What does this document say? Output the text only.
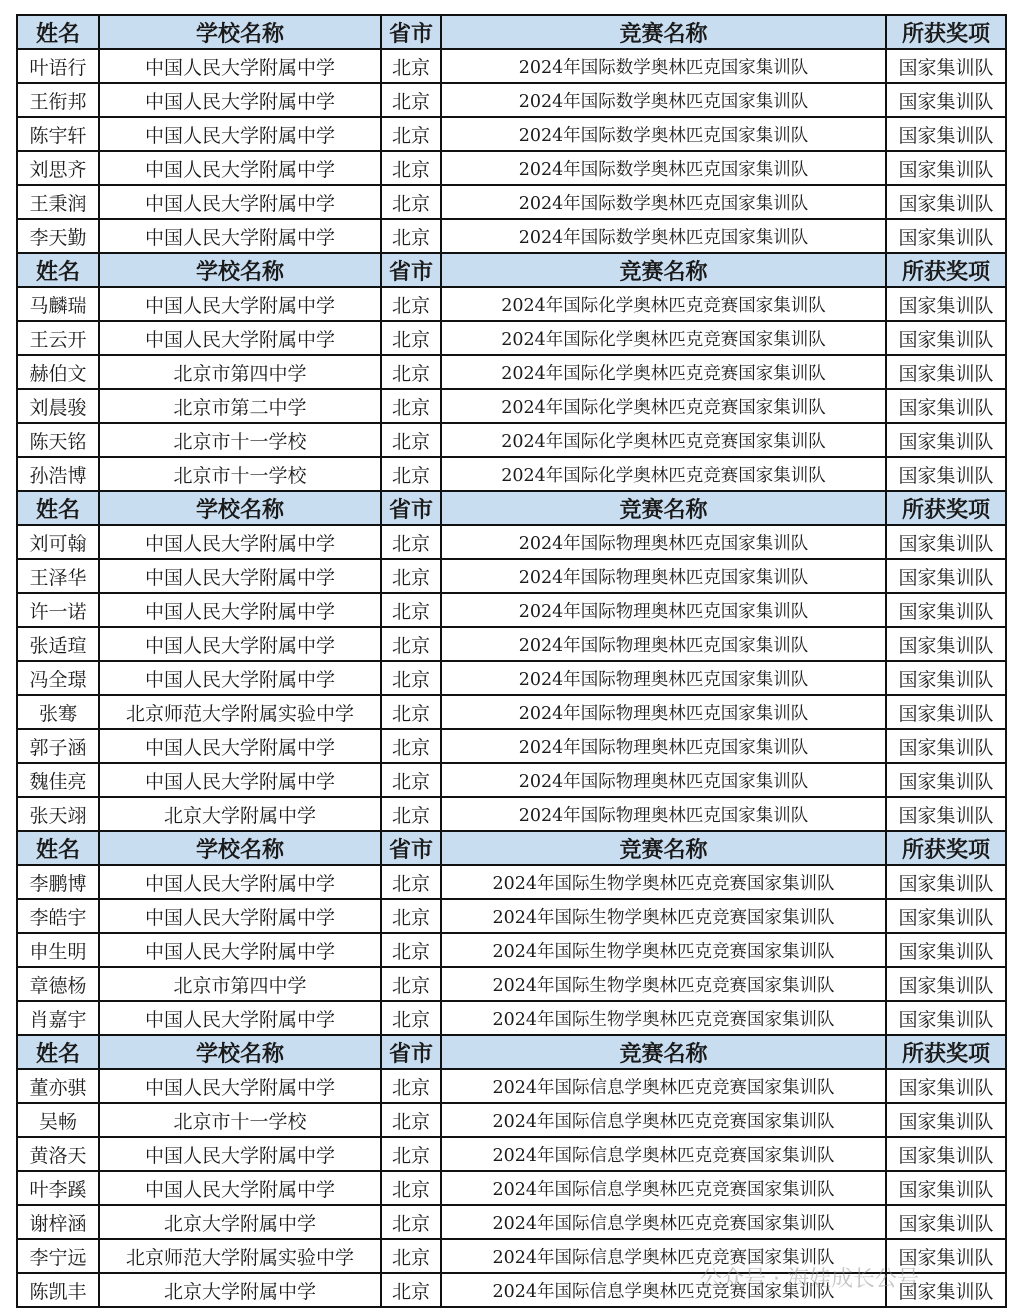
姓名	学校名称	省市	竞赛名称	所获奖项
叶语行	中国人民大学附属中学	北京	2024年国际数学奥林匹克国家集训队	国家集训队
王衔邦	中国人民大学附属中学	北京	2024年国际数学奥林匹克国家集训队	国家集训队
陈宇轩	中国人民大学附属中学	北京	2024年国际数学奥林匹克国家集训队	国家集训队
刘思齐	中国人民大学附属中学	北京	2024年国际数学奥林匹克国家集训队	国家集训队
王秉润	中国人民大学附属中学	北京	2024年国际数学奥林匹克国家集训队	国家集训队
李天勤	中国人民大学附属中学	北京	2024年国际数学奥林匹克国家集训队	国家集训队
姓名	学校名称	省市	竞赛名称	所获奖项
马麟瑞	中国人民大学附属中学	北京	2024年国际化学奥林匹克竞赛国家集训队	国家集训队
王云开	中国人民大学附属中学	北京	2024年国际化学奥林匹克竞赛国家集训队	国家集训队
赫伯文	北京市第四中学	北京	2024年国际化学奥林匹克竞赛国家集训队	国家集训队
刘晨骏	北京市第二中学	北京	2024年国际化学奥林匹克竞赛国家集训队	国家集训队
陈天铭	北京市十一学校	北京	2024年国际化学奥林匹克竞赛国家集训队	国家集训队
孙浩博	北京市十一学校	北京	2024年国际化学奥林匹克竞赛国家集训队	国家集训队
姓名	学校名称	省市	竞赛名称	所获奖项
刘可翰	中国人民大学附属中学	北京	2024年国际物理奥林匹克国家集训队	国家集训队
王泽华	中国人民大学附属中学	北京	2024年国际物理奥林匹克国家集训队	国家集训队
许一诺	中国人民大学附属中学	北京	2024年国际物理奥林匹克国家集训队	国家集训队
张适瑄	中国人民大学附属中学	北京	2024年国际物理奥林匹克国家集训队	国家集训队
冯全璟	中国人民大学附属中学	北京	2024年国际物理奥林匹克国家集训队	国家集训队
张骞	北京师范大学附属实验中学	北京	2024年国际物理奥林匹克国家集训队	国家集训队
郭子涵	中国人民大学附属中学	北京	2024年国际物理奥林匹克国家集训队	国家集训队
魏佳亮	中国人民大学附属中学	北京	2024年国际物理奥林匹克国家集训队	国家集训队
张天翊	北京大学附属中学	北京	2024年国际物理奥林匹克国家集训队	国家集训队
姓名	学校名称	省市	竞赛名称	所获奖项
李鹏博	中国人民大学附属中学	北京	2024年国际生物学奥林匹克竞赛国家集训队	国家集训队
李皓宇	中国人民大学附属中学	北京	2024年国际生物学奥林匹克竞赛国家集训队	国家集训队
申生明	中国人民大学附属中学	北京	2024年国际生物学奥林匹克竞赛国家集训队	国家集训队
章德杨	北京市第四中学	北京	2024年国际生物学奥林匹克竞赛国家集训队	国家集训队
肖嘉宇	中国人民大学附属中学	北京	2024年国际生物学奥林匹克竞赛国家集训队	国家集训队
姓名	学校名称	省市	竞赛名称	所获奖项
董亦骐	中国人民大学附属中学	北京	2024年国际信息学奥林匹克竞赛国家集训队	国家集训队
吴畅	北京市十一学校	北京	2024年国际信息学奥林匹克竞赛国家集训队	国家集训队
黄洛天	中国人民大学附属中学	北京	2024年国际信息学奥林匹克竞赛国家集训队	国家集训队
叶李蹊	中国人民大学附属中学	北京	2024年国际信息学奥林匹克竞赛国家集训队	国家集训队
谢梓涵	北京大学附属中学	北京	2024年国际信息学奥林匹克竞赛国家集训队	国家集训队
李宁远	北京师范大学附属实验中学	北京	2024年国际信息学奥林匹克竞赛国家集训队	国家集训队
陈凯丰	北京大学附属中学	北京	2024年国际信息学奥林匹克竞赛国家集训队	国家集训队
公众号 · 海娃成长公号
